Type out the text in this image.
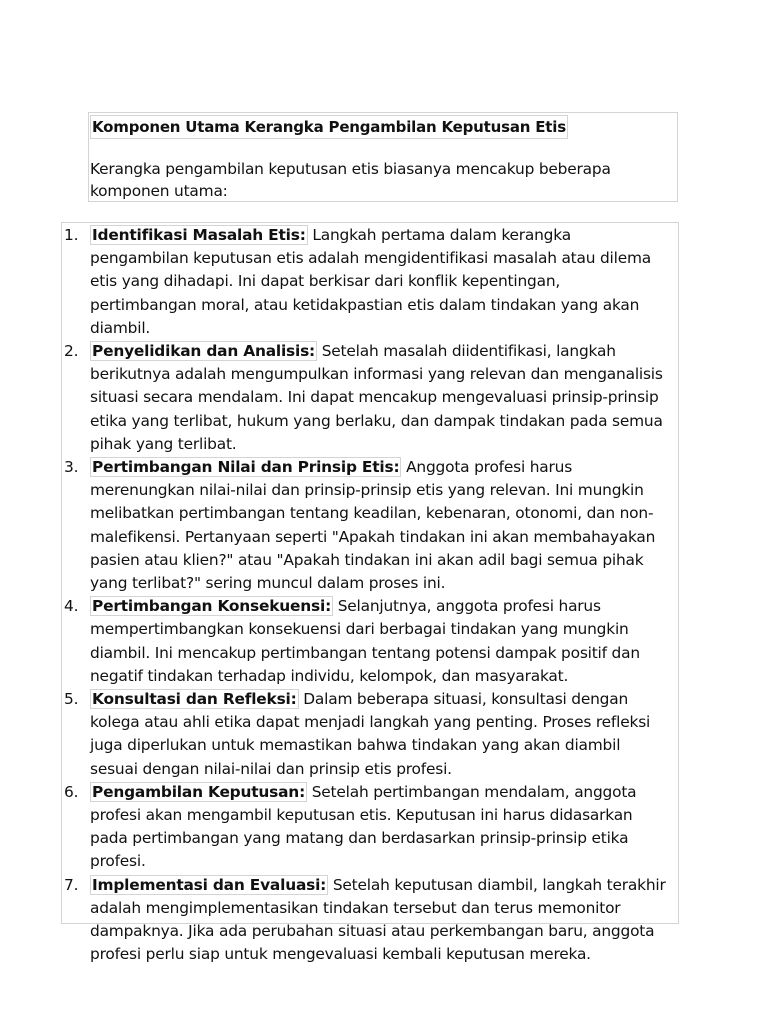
Komponen Utama Kerangka Pengambilan Keputusan Etis
Kerangka pengambilan keputusan etis biasanya mencakup beberapa komponen utama:
1. Identifikasi Masalah Etis: Langkah pertama dalam kerangka pengambilan keputusan etis adalah mengidentifikasi masalah atau dilema etis yang dihadapi. Ini dapat berkisar dari konflik kepentingan, pertimbangan moral, atau ketidakpastian etis dalam tindakan yang akan diambil.
2. Penyelidikan dan Analisis: Setelah masalah diidentifikasi, langkah berikutnya adalah mengumpulkan informasi yang relevan dan menganalisis situasi secara mendalam. Ini dapat mencakup mengevaluasi prinsip-prinsip etika yang terlibat, hukum yang berlaku, dan dampak tindakan pada semua pihak yang terlibat.
3. Pertimbangan Nilai dan Prinsip Etis: Anggota profesi harus merenungkan nilai-nilai dan prinsip-prinsip etis yang relevan. Ini mungkin melibatkan pertimbangan tentang keadilan, kebenaran, otonomi, dan non-malefikensi. Pertanyaan seperti "Apakah tindakan ini akan membahayakan pasien atau klien?" atau "Apakah tindakan ini akan adil bagi semua pihak yang terlibat?" sering muncul dalam proses ini.
4. Pertimbangan Konsekuensi: Selanjutnya, anggota profesi harus mempertimbangkan konsekuensi dari berbagai tindakan yang mungkin diambil. Ini mencakup pertimbangan tentang potensi dampak positif dan negatif tindakan terhadap individu, kelompok, dan masyarakat.
5. Konsultasi dan Refleksi: Dalam beberapa situasi, konsultasi dengan kolega atau ahli etika dapat menjadi langkah yang penting. Proses refleksi juga diperlukan untuk memastikan bahwa tindakan yang akan diambil sesuai dengan nilai-nilai dan prinsip etis profesi.
6. Pengambilan Keputusan: Setelah pertimbangan mendalam, anggota profesi akan mengambil keputusan etis. Keputusan ini harus didasarkan pada pertimbangan yang matang dan berdasarkan prinsip-prinsip etika profesi.
7. Implementasi dan Evaluasi: Setelah keputusan diambil, langkah terakhir adalah mengimplementasikan tindakan tersebut dan terus memonitor dampaknya. Jika ada perubahan situasi atau perkembangan baru, anggota profesi perlu siap untuk mengevaluasi kembali keputusan mereka.
